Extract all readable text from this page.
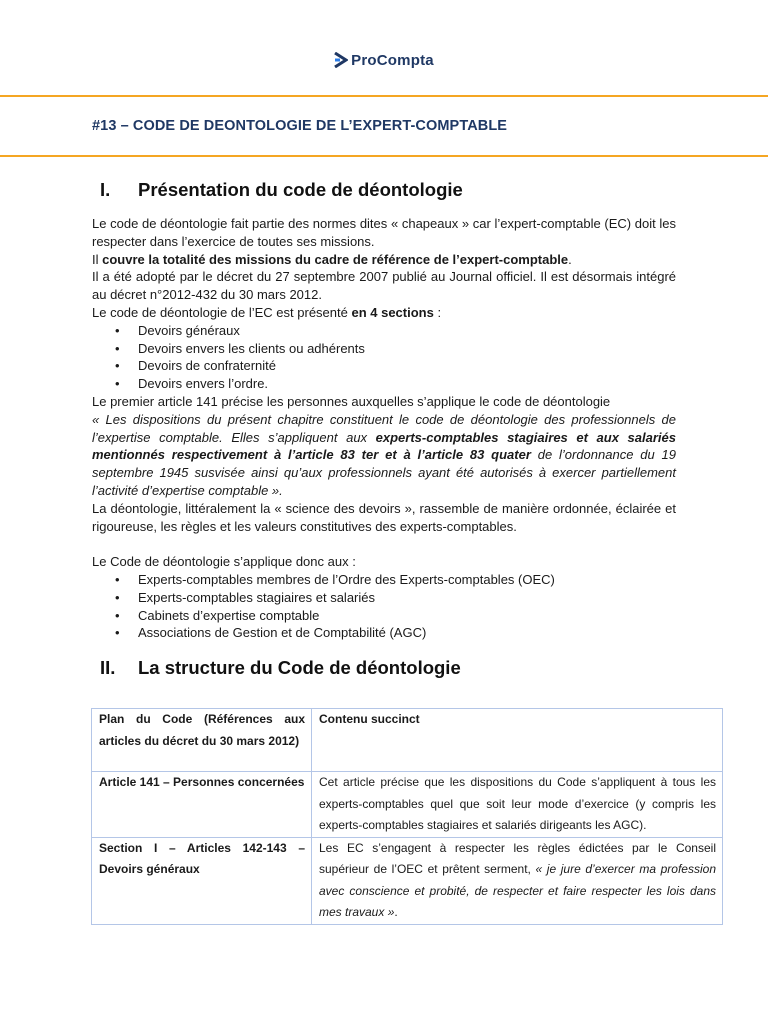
ProCompta
#13 – CODE DE DEONTOLOGIE DE L’EXPERT-COMPTABLE
I. Présentation du code de déontologie

Le code de déontologie fait partie des normes dites « chapeaux » car l’expert-comptable (EC) doit les respecter dans l’exercice de toutes ses missions.

Il couvre la totalité des missions du cadre de référence de l’expert-comptable.

Il a été adopté par le décret du 27 septembre 2007 publié au Journal officiel. Il est désormais intégré au décret n°2012-432 du 30 mars 2012.

Le code de déontologie de l’EC est présenté en 4 sections :

• Devoirs généraux
• Devoirs envers les clients ou adhérents
• Devoirs de confraternité
• Devoirs envers l’ordre.

Le premier article 141 précise les personnes auxquelles s’applique le code de déontologie

« Les dispositions du présent chapitre constituent le code de déontologie des professionnels de l’expertise comptable. Elles s’appliquent aux experts-comptables stagiaires et aux salariés mentionnés respectivement à l’article 83 ter et à l’article 83 quater de l’ordonnance du 19 septembre 1945 susvisée ainsi qu’aux professionnels ayant été autorisés à exercer partiellement l’activité d’expertise comptable ».

La déontologie, littéralement la « science des devoirs », rassemble de manière ordonnée, éclairée et rigoureuse, les règles et les valeurs constitutives des experts-comptables.

Le Code de déontologie s’applique donc aux :

• Experts-comptables membres de l’Ordre des Experts-comptables (OEC)
• Experts-comptables stagiaires et salariés
• Cabinets d’expertise comptable
• Associations de Gestion et de Comptabilité (AGC)
II. La structure du Code de déontologie
Plan du Code (Références aux articles du décret du 30 mars 2012)	Contenu succinct
Article 141 – Personnes concernées	Cet article précise que les dispositions du Code s’appliquent à tous les experts-comptables quel que soit leur mode d’exercice (y compris les experts-comptables stagiaires et salariés dirigeants les AGC).
Section I – Articles 142-143 – Devoirs généraux	Les EC s’engagent à respecter les règles édictées par le Conseil supérieur de l’OEC et prêtent serment, « je jure d’exercer ma profession avec conscience et probité, de respecter et faire respecter les lois dans mes travaux ».
